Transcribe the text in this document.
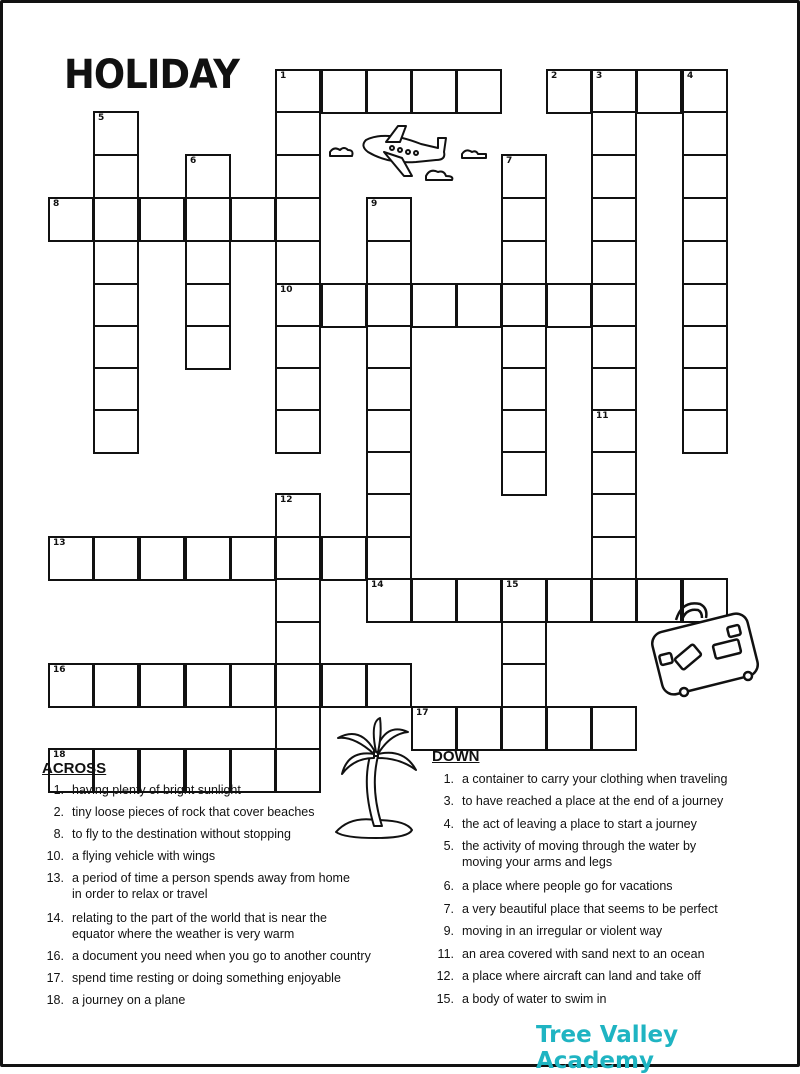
HOLIDAY	1	2	3	4
10
11
5
6	7
8	9
12
13
14	15
16
17
18
ACROSS
1. having plenty of bright sunlight
2. tiny loose pieces of rock that cover beaches
8. to fly to the destination without stopping
10. a flying vehicle with wings
13. a period of time a person spends away from home
in order to relax or travel
14. relating to the part of the world that is near the
equator where the weather is very warm
16. a document you need when you go to another country
17. spend time resting or doing something enjoyable
18. a journey on a plane
DOWN
1. a container to carry your clothing when traveling
3. to have reached a place at the end of a journey
4. the act of leaving a place to start a journey
5. the activity of moving through the water by
moving your arms and legs
6. a place where people go for vacations
7. a very beautiful place that seems to be perfect
9. moving in an irregular or violent way
11. an area covered with sand next to an ocean
12. a place where aircraft can land and take off
15. a body of water to swim in
Tree Valley Academy
